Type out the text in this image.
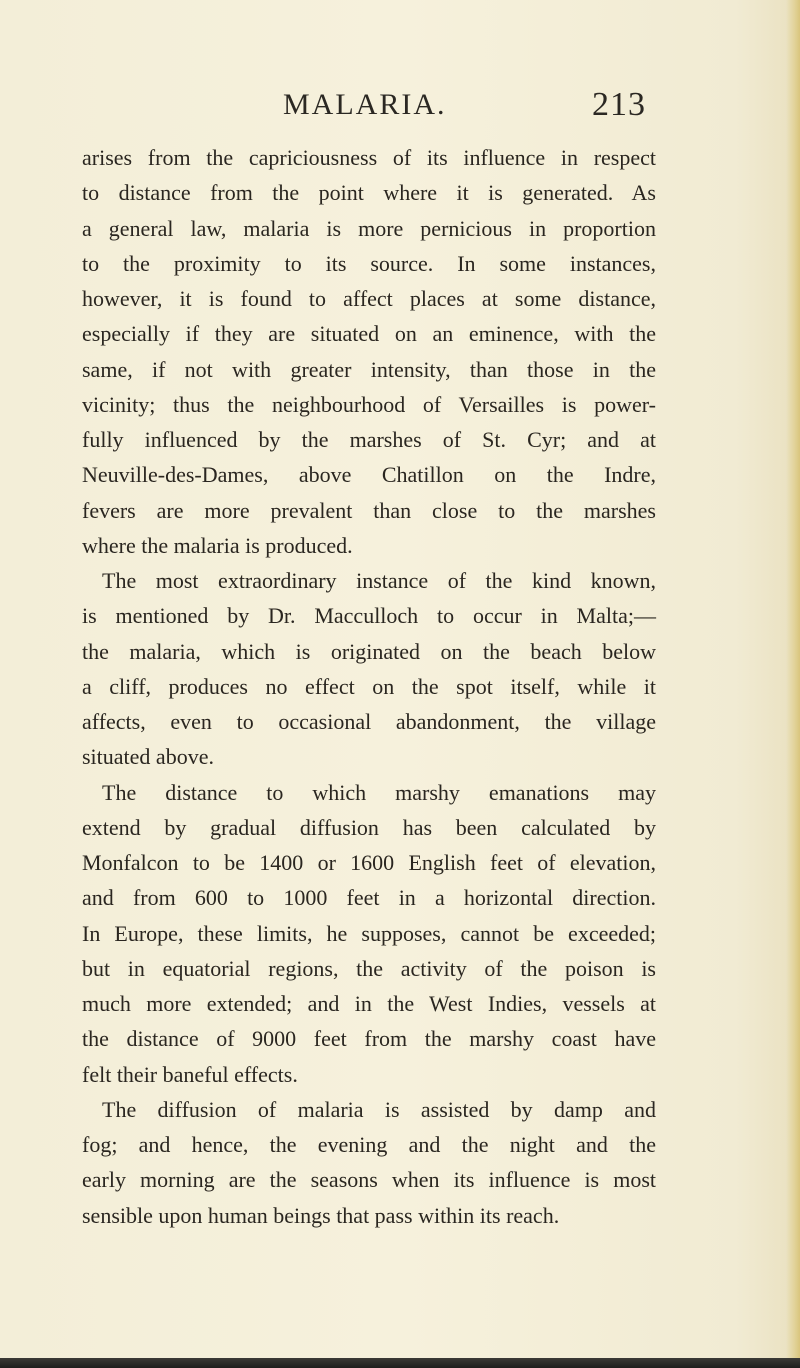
MALARIA.	213
arises from the capriciousness of its influence in respect
to distance from the point where it is generated. As
a general law, malaria is more pernicious in proportion
to the proximity to its source. In some instances,
however, it is found to affect places at some distance,
especially if they are situated on an eminence, with the
same, if not with greater intensity, than those in the
vicinity; thus the neighbourhood of Versailles is power-
fully influenced by the marshes of St. Cyr; and at
Neuville-des-Dames, above Chatillon on the Indre,
fevers are more prevalent than close to the marshes
where the malaria is produced.
The most extraordinary instance of the kind known,
is mentioned by Dr. Macculloch to occur in Malta;—
the malaria, which is originated on the beach below
a cliff, produces no effect on the spot itself, while it
affects, even to occasional abandonment, the village
situated above.
The distance to which marshy emanations may
extend by gradual diffusion has been calculated by
Monfalcon to be 1400 or 1600 English feet of elevation,
and from 600 to 1000 feet in a horizontal direction.
In Europe, these limits, he supposes, cannot be exceeded;
but in equatorial regions, the activity of the poison is
much more extended; and in the West Indies, vessels at
the distance of 9000 feet from the marshy coast have
felt their baneful effects.
The diffusion of malaria is assisted by damp and
fog; and hence, the evening and the night and the
early morning are the seasons when its influence is most
sensible upon human beings that pass within its reach.
